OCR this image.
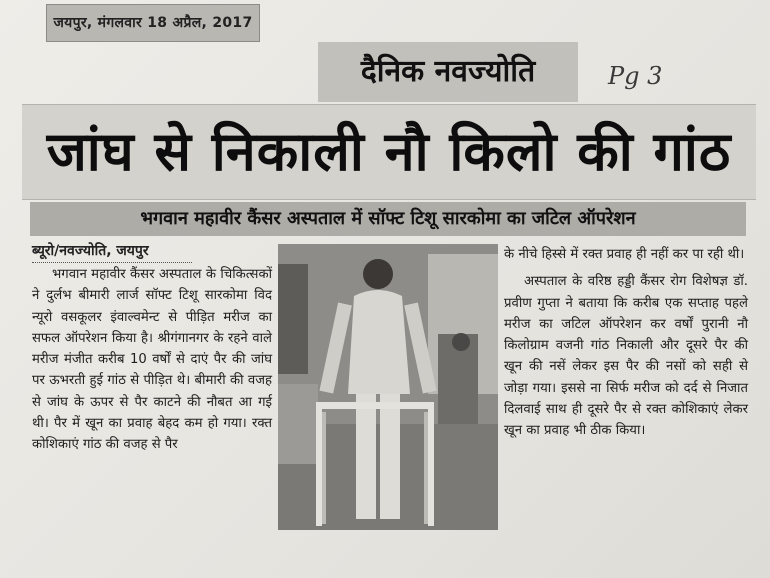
जयपुर, मंगलवार 18 अप्रैल, 2017
दैनिक नवज्योति	Pg 3
जांघ से निकाली नौ किलो की गांठ
भगवान महावीर कैंसर अस्पताल में सॉफ्ट टिशू सारकोमा का जटिल ऑपरेशन
ब्यूरो/नवज्योति, जयपुर

भगवान महावीर कैंसर अस्पताल के चिकित्सकों ने दुर्लभ बीमारी लार्ज सॉफ्ट टिशू सारकोमा विद न्यूरो वसकूलर इंवाल्वमेन्ट से पीड़ित मरीज का सफल ऑपरेशन किया है। श्रीगंगानगर के रहने वाले मरीज मंजीत करीब 10 वर्षों से दाएं पैर की जांघ पर ऊभरती हुई गांठ से पीड़ित थे। बीमारी की वजह से जांघ के ऊपर से पैर काटने की नौबत आ गई थी। पैर में खून का प्रवाह बेहद कम हो गया। रक्त कोशिकाएं गांठ की वजह से पैर

के नीचे हिस्से में रक्त प्रवाह ही नहीं कर पा रही थी।

अस्पताल के वरिष्ठ हड्डी कैंसर रोग विशेषज्ञ डॉ. प्रवीण गुप्ता ने बताया कि करीब एक सप्ताह पहले मरीज का जटिल ऑपरेशन कर वर्षों पुरानी नौ किलोग्राम वजनी गांठ निकाली और दूसरे पैर की खून की नसें लेकर इस पैर की नसों को सही से जोड़ा गया। इससे ना सिर्फ मरीज को दर्द से निजात दिलवाई साथ ही दूसरे पैर से रक्त कोशिकाएं लेकर खून का प्रवाह भी ठीक किया।
